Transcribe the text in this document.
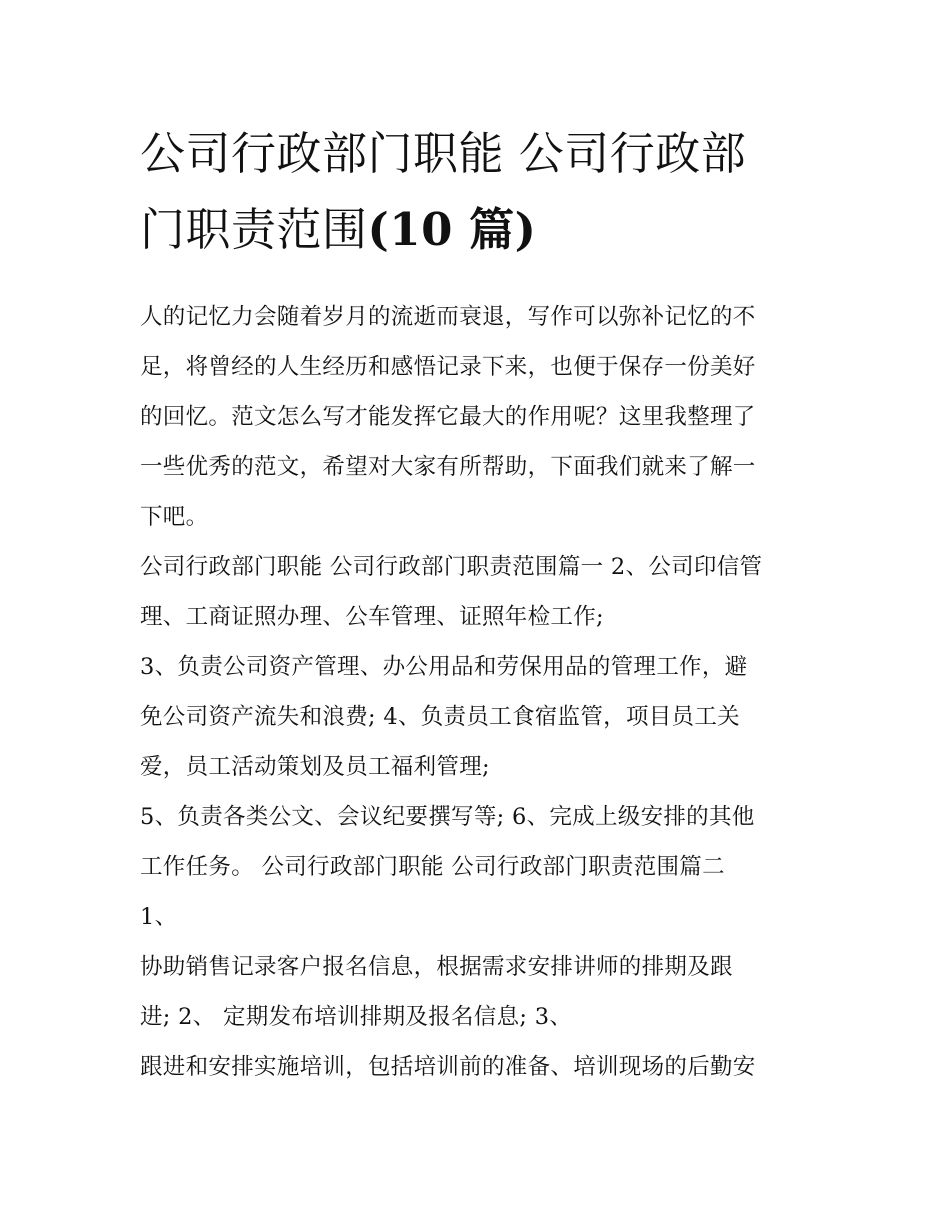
公司行政部门职能 公司行政部
门职责范围(10 篇)
人的记忆力会随着岁月的流逝而衰退，写作可以弥补记忆的不
足，将曾经的人生经历和感悟记录下来，也便于保存一份美好
的回忆。范文怎么写才能发挥它最大的作用呢？这里我整理了
一些优秀的范文，希望对大家有所帮助，下面我们就来了解一
下吧。
公司行政部门职能 公司行政部门职责范围篇一 2、公司印信管
理、工商证照办理、公车管理、证照年检工作;
3、负责公司资产管理、办公用品和劳保用品的管理工作，避
免公司资产流失和浪费; 4、负责员工食宿监管，项目员工关
爱，员工活动策划及员工福利管理;
5、负责各类公文、会议纪要撰写等; 6、完成上级安排的其他
工作任务。 公司行政部门职能 公司行政部门职责范围篇二
1、
协助销售记录客户报名信息，根据需求安排讲师的排期及跟
进; 2、 定期发布培训排期及报名信息; 3、
跟进和安排实施培训，包括培训前的准备、培训现场的后勤安
